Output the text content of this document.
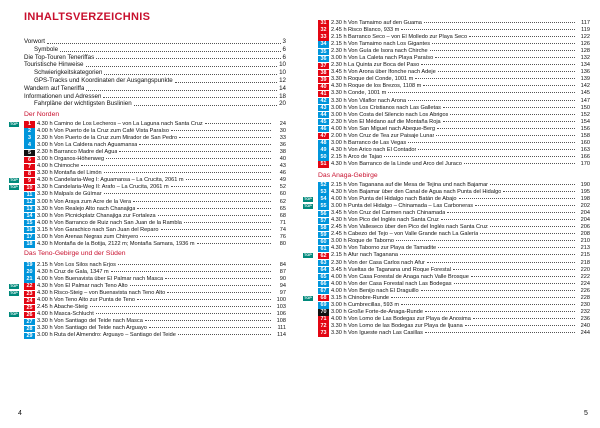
INHALTSVERZEICHNIS
Vorwort	3
Symbole	6
Die Top-Touren Teneriffas	6
Touristische Hinweise	10
Schwierigkeitskategorien	10
GPS-Tracks und Koordinaten der Ausgangspunkte	12
Wandern auf Teneriffa	14
Informationen und Adressen	18
Fahrpläne der wichtigsten Buslinien	20
Der Norden
TOP	1	4.30 h Camino de Los Lecheros – von La Laguna nach Santa Cruz	24
2	4.00 h Von Puerto de la Cruz zum Café Vista Paraíso	30
3	2.30 h Von Puerto de la Cruz zum Mirador de San Pedro	33
4	3.00 h Von La Caldera nach Aguamansa	36
5	2.30 h Barranco Madre del Agua	38
6	3.00 h Órganos-Höhenweg	40
7	4.00 h Chimoche	43
8	3.30 h Montaña del Limón	46
TOP	9	4.30 h Candelaria-Weg I: Aguamansa – La Crucita, 2061 m	49
TOP	10 3.30 h Candelaria-Weg II: Arafo – La Crucita, 2061 m	52
11 3.30 h Malpaís de Güímar	60
12 3.00 h Von Araya zum Acre de la Vera	62
13 3.30 h Von Realejo Alto nach Chanajiga	65
14 3.00 h Von Picnickplatz Chanajiga zur Fortaleza	68
15 4.00 h Von Barranco de Ruiz nach San Juan de la Rambla	71
16 3.15 h Von Garachico nach San Juan del Reparo	74
17 3.00 h Von Arenas Negras zum Chinyero	76
18 4.30 h Montaña de la Botija, 2122 m; Montaña Samara, 1936 m	80
Das Teno-Gebirge und der Süden
19 2.15 h Von Los Silos nach Erjos	84
20 4.30 h Cruz de Gala, 1347 m	87
21 4.00 h Von Buenavista über El Palmar nach Masca	90
TOP	22 4.30 h Von El Palmar nach Teno Alto	94
TOP	23 4.30 h Risco-Steig – von Buenavista nach Teno Alto	97
24 4.00 h Von Teno Alto zur Punta de Teno	100
25 2.45 h Abache-Steig	103
TOP	26 4.00 h Masca-Schlucht	106
27 3.30 h Von Santiago del Teide nach Masca	108
28 3.30 h Von Santiago del Teide nach Arguayo	111
29 3.00 h Ruta del Almendro: Arguayo – Santiago del Teide	114
4
31 2.30 h Von Tamaimo auf den Guama	117
32 2.45 h Risco Blanco, 933 m	119
33 2.15 h Barranco Seco – von El Molledo zur Playa Seco	122
34 2.15 h Von Tamaimo nach Los Gigantes	126
35 2.30 h Von Guía de Isora nach Chirche	128
36 3.00 h Von La Caleta nach Playa Paraíso	132
37 2.30 h La Quinta zur Boca del Paso	134
38 3.45 h Von Arona über Ifonche nach Adeje	136
39 3.30 h Roque del Conde, 1001 m	139
40 4.30 h Roque de los Brezos, 1108 m	142
41 3.30 h Conde, 1001 m	145
42 3.30 h Von Vilaflor nach Arona	147
43 3.00 h Von Los Cristianos nach Las Galletas	150
44 3.00 h Von Costa del Silencio nach Los Abrigos	152
45 2.30 h Von El Médano auf die Montaña Roja	154
46 4.00 h Von San Miguel nach Abeque-Berg	156
47 2.00 h Von Cruz de Tea zur Paisaje Lunar	158
48 3.00 h Barranco de Las Vegas	160
49 4.30 h Von Arico nach El Contador	163
50 2.15 h Arco de Tajao	166
51 4.30 h Von Barranco de la Linde und Arco del Juraco	170
Das Anaga-Gebirge
52 2.15 h Von Taganana auf die Mesa de Tejina und nach Bajamar	190
53 4.30 h Von Bajamar über den Canal de Agua nach Punta del Hidalgo	195
TOP	54 4.00 h Von Punta del Hidalgo nach Batán de Abajo	198
TOP	55 3.00 h Punta del Hidalgo – Chinamada – Las Carboneras	202
56 3.45 h Von Cruz del Carmen nach Chinamada	204
57 4.30 h Von Pico del Inglés nach Santa Cruz	204
58 2.45 h Von Valleseco über den Pico del Inglés nach Santa Cruz	206
59 2.45 h Cabezo del Tejo – von Valle Grande nach La Galería	208
60 3.00 h Roque de Taborno	210
61 4.30 h Von Taborno zur Playa de Tamadite	213
TOP	62 2.15 h Afur nach Taganana	215
63 2.30 h Von der Casa Carlos nach Afur	218
64 3.45 h Vueltas de Taganana und Roque Forestal	220
65 4.00 h Von Casa Forestal de Anaga nach Valle Brosque	222
66 4.00 h Von der Casa Forestal nach Las Bodegas	224
67 4.00 h Von Benijo nach El Draguillo	226
TOP	68 3.15 h Chinobre-Runde	228
69 3.00 h Cumbrecillas, 593 m	230
70 3.00 h Große Forte-de-Anaga-Runde	232
71 4.00 h Von Lomo de Las Bodegas zur Playa de Anosima	236
72 3.30 h Von Lomo de las Bodegas zur Playa de Ijuana	240
73 3.30 h Von Igueste nach Las Casillas	244
5
